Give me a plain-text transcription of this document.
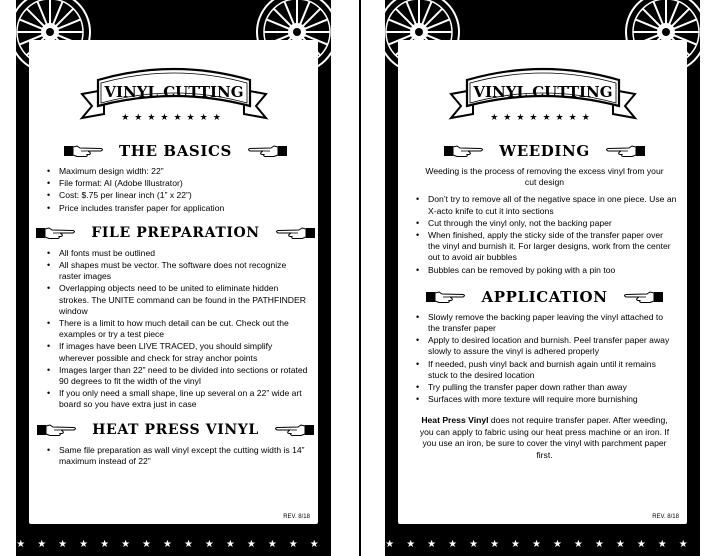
VINYL CUTTING
★★★★★★★★
THE BASICS
• Maximum design width: 22”
• File format: AI (Adobe Illustrator)
• Cost: $.75 per linear inch (1” x 22”)
• Price includes transfer paper for application
FILE PREPARATION
• All fonts must be outlined
• All shapes must be vector. The software does not recognize raster images
• Overlapping objects need to be united to eliminate hidden strokes. The UNITE command can be found in the PATHFINDER window
• There is a limit to how much detail can be cut. Check out the examples or try a test piece
• If images have been LIVE TRACED, you should simplify wherever possible and check for stray anchor points
• Images larger than 22” need to be divided into sections or rotated 90 degrees to fit the width of the vinyl
• If you only need a small shape, line up several on a 22” wide art board so you have extra just in case
HEAT PRESS VINYL
• Same file preparation as wall vinyl except the cutting width is 14” maximum instead of 22”
REV. 8/18
★★★★★★★★★★★★★★★
VINYL CUTTING
★★★★★★★★
WEEDING
Weeding is the process of removing the excess vinyl from your cut design
• Don’t try to remove all of the negative space in one piece. Use an X-acto knife to cut it into sections
• Cut through the vinyl only, not the backing paper
• When finished, apply the sticky side of the transfer paper over the vinyl and burnish it. For larger designs, work from the center out to avoid air bubbles
• Bubbles can be removed by poking with a pin too
APPLICATION
• Slowly remove the backing paper leaving the vinyl attached to the transfer paper
• Apply to desired location and burnish. Peel transfer paper away slowly to assure the vinyl is adhered properly
• If needed, push vinyl back and burnish again until it remains stuck to the desired location
• Try pulling the transfer paper down rather than away
• Surfaces with more texture will require more burnishing
Heat Press Vinyl does not require transfer paper. After weeding, you can apply to fabric using our heat press machine or an iron. If you use an iron, be sure to cover the vinyl with parchment paper first.
REV. 8/18
★★★★★★★★★★★★★★★
